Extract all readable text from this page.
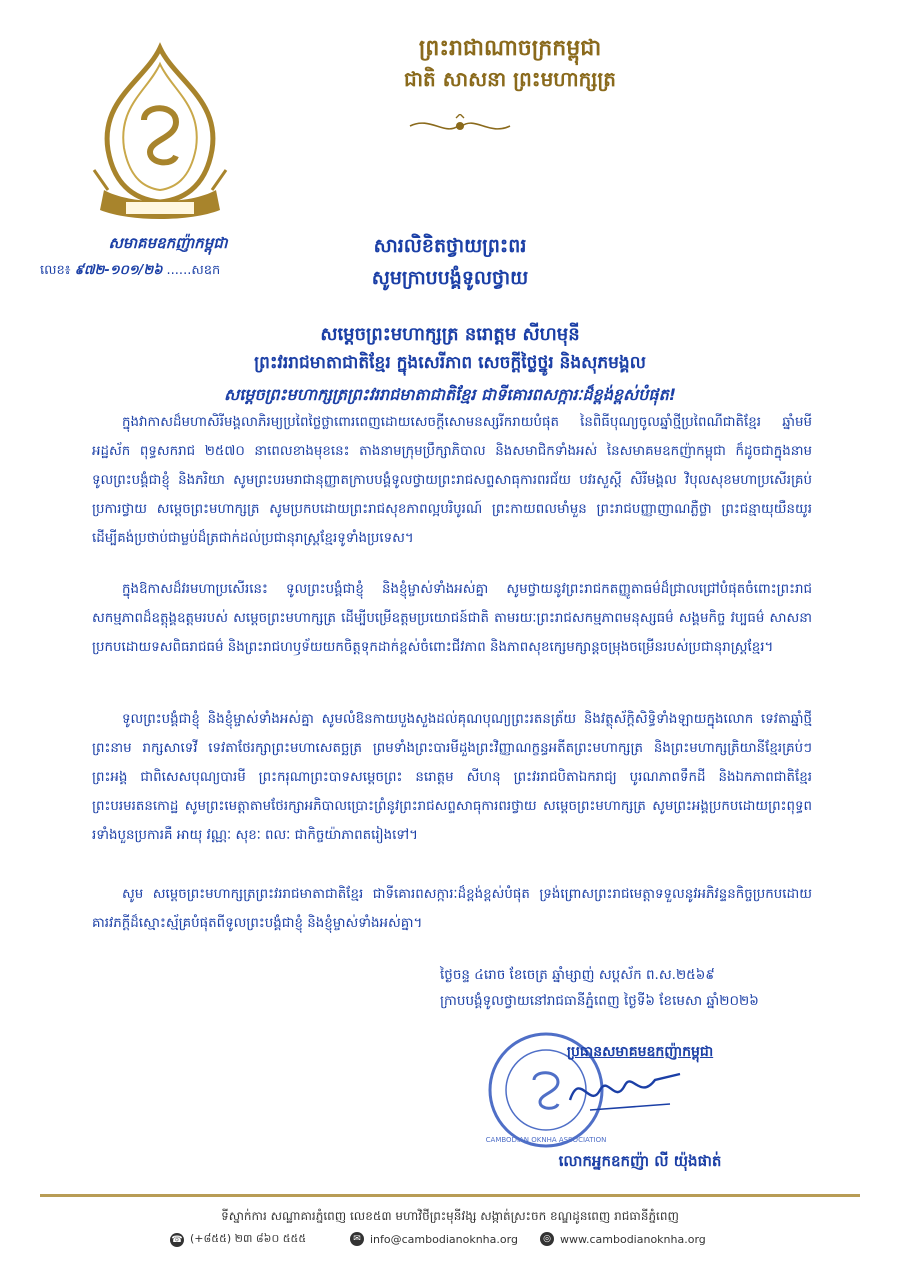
ព្រះរាជាណាចក្រកម្ពុជា
ជាតិ សាសនា ព្រះមហាក្សត្រ
សមាគមឧកញ៉ាកម្ពុជា
លេខ៖ ៩៧២-១០១/២៦ ......សឧក
សារលិខិតថ្វាយព្រះពរ
សូមក្រាបបង្គំទូលថ្វាយ
សម្ដេចព្រះមហាក្សត្រ នរោត្តម សីហមុនី
ព្រះវររាជមាតាជាតិខ្មែរ ក្នុងសេរីភាព សេចក្ដីថ្លៃថ្នូរ និងសុភមង្គល
សម្ដេចព្រះមហាក្សត្រព្រះវររាជមាតាជាតិខ្មែរ ជាទីគោរពសក្ការៈដ៏ខ្ពង់ខ្ពស់បំផុត!
ក្នុងវាកាសដ៏មហាសិរីមង្គលាភិរម្យប្រពៃថ្លៃថ្លាពោរពេញដោយសេចក្ដីសោមនស្សរីករាយបំផុត នៃពិធីបុណ្យចូលឆ្នាំថ្មីប្រពៃណីជាតិខ្មែរ ឆ្នាំមមី អដ្ឋស័ក ពុទ្ធសករាជ ២៥៧០ នាពេលខាងមុខនេះ តាងនាមក្រុមប្រឹក្សាភិបាល និងសមាជិកទាំងអស់ នៃសមាគមឧកញ៉ាកម្ពុជា ក៏ដូចជាក្នុងនាមទូលព្រះបង្គំជាខ្ញុំ និងភរិយា សូមព្រះបរមរាជានុញ្ញាតក្រាបបង្គំទូលថ្វាយព្រះរាជសព្ទសាធុការពរជ័យ បវរសួស្ដី សិរីមង្គល វិបុលសុខមហាប្រសើរគ្រប់ប្រការថ្វាយ សម្ដេចព្រះមហាក្សត្រ សូមប្រកបដោយព្រះរាជសុខភាពល្អបរិបូរណ៍ ព្រះកាយពលមាំមួន ព្រះរាជបញ្ញាញាណភ្លឺថ្លា ព្រះជន្មាយុយឺនយូរដើម្បីគង់ប្រថាប់ជាម្លប់ដ៏ត្រជាក់ដល់ប្រជានុរាស្ត្រខ្មែរទូទាំងប្រទេស។
ក្នុងឱកាសដ៏វរមហាប្រសើរនេះ ទូលព្រះបង្គំជាខ្ញុំ និងខ្ញុំម្ចាស់ទាំងអស់គ្នា សូមថ្វាយនូវព្រះរាជកតញ្ញូតាធម៌ដ៏ជ្រាលជ្រៅបំផុតចំពោះព្រះរាជសកម្មភាពដ៏ឧត្ដុង្គឧត្ដមរបស់ សម្ដេចព្រះមហាក្សត្រ ដើម្បីបម្រើឧត្ដមប្រយោជន៍ជាតិ តាមរយៈព្រះរាជសកម្មភាពមនុស្សធម៌ សង្គមកិច្ច វប្បធម៌ សាសនា ប្រកបដោយទសពិធរាជធម៌ និងព្រះរាជហឫទ័យយកចិត្តទុកដាក់ខ្ពស់ចំពោះជីវភាព និងភាពសុខក្សេមក្សាន្តចម្រុងចម្រើនរបស់ប្រជានុរាស្ត្រខ្មែរ។
ទូលព្រះបង្គំជាខ្ញុំ និងខ្ញុំម្ចាស់ទាំងអស់គ្នា សូមលំឱនកាយបួងសួងដល់គុណបុណ្យព្រះរតនត្រ័យ និងវត្ថុស័ក្ដិសិទ្ធិទាំងឡាយក្នុងលោក ទេវតាឆ្នាំថ្មីព្រះនាម រាក្សសាទេវី ទេវតាថែរក្សាព្រះមហាសេតច្ឆត្រ ព្រមទាំងព្រះបារមីដួងព្រះវិញ្ញាណក្ខន្ធអតីតព្រះមហាក្សត្រ និងព្រះមហាក្សត្រិយានីខ្មែរគ្រប់ៗព្រះអង្គ ជាពិសេសបុណ្យបារមី ព្រះករុណាព្រះបាទសម្ដេចព្រះ នរោត្តម សីហនុ ព្រះវររាជបិតាឯករាជ្យ បូរណភាពទឹកដី និងឯកភាពជាតិខ្មែរ ព្រះបរមរតនកោដ្ឋ សូមព្រះមេត្តាតាមថែរក្សាអភិបាលប្រោះព្រំនូវព្រះរាជសព្ទសាធុការពរថ្វាយ សម្ដេចព្រះមហាក្សត្រ សូមព្រះអង្គប្រកបដោយព្រះពុទ្ធពរទាំងបួនប្រការគឺ អាយុ វណ្ណៈ សុខៈ ពលៈ ជាកិច្ចយ៉ាភាពតរៀងទៅ។
សូម សម្ដេចព្រះមហាក្សត្រព្រះវររាជមាតាជាតិខ្មែរ ជាទីគោរពសក្ការៈដ៏ខ្ពង់ខ្ពស់បំផុត ទ្រង់ព្រោសព្រះរាជមេត្តាទទួលនូវអភិវន្ទនកិច្ចប្រកបដោយគារវភក្ដីដ៏ស្មោះស្ម័គ្របំផុតពីទូលព្រះបង្គំជាខ្ញុំ និងខ្ញុំម្ចាស់ទាំងអស់គ្នា។
ថ្ងៃចន្ទ ៤រោច ខែចេត្រ ឆ្នាំម្សាញ់ សប្តស័ក ព.ស.២៥៦៩
ក្រាបបង្គំទូលថ្វាយនៅរាជធានីភ្នំពេញ ថ្ងៃទី៦ ខែមេសា ឆ្នាំ២០២៦
CAMBODIAN OKNHA ASSOCIATION
ប្រធានសមាគមឧកញ៉ាកម្ពុជា
លោកអ្នកឧកញ៉ា លី យ៉ុងផាត់
ទីស្នាក់ការ សណ្ឋាគារភ្នំពេញ លេខ៥៣ មហាវិថីព្រះមុនីវង្ស សង្កាត់ស្រះចក ខណ្ឌដូនពេញ រាជធានីភ្នំពេញ
☎ (+៨៥៥) ២៣ ៨៦០ ៥៥៥	✉ info@cambodianoknha.org	◎ www.cambodianoknha.org
